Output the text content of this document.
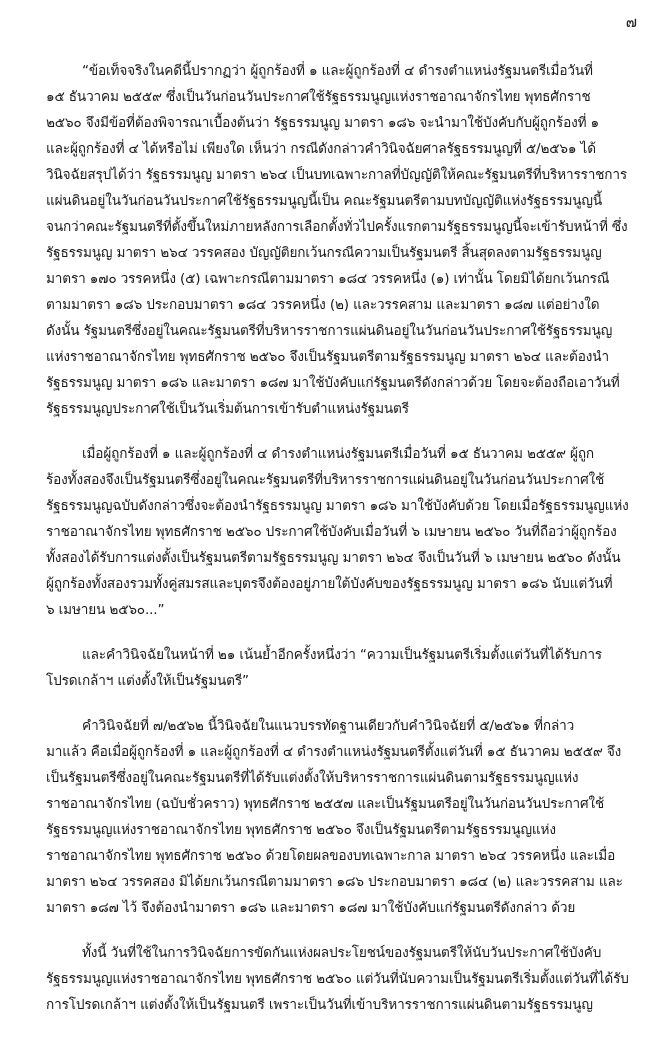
๗
“ข้อเท็จจริงในคดีนี้ปรากฏว่า ผู้ถูกร้องที่ ๑ และผู้ถูกร้องที่ ๔ ดำรงตำแหน่งรัฐมนตรีเมื่อวันที่
๑๕ ธันวาคม ๒๕๕๙ ซึ่งเป็นวันก่อนวันประกาศใช้รัฐธรรมนูญแห่งราชอาณาจักรไทย พุทธศักราช
๒๕๖๐ จึงมีข้อที่ต้องพิจารณาเบื้องต้นว่า รัฐธรรมนูญ มาตรา ๑๘๖ จะนำมาใช้บังคับกับผู้ถูกร้องที่ ๑
และผู้ถูกร้องที่ ๔ ได้หรือไม่ เพียงใด เห็นว่า กรณีดังกล่าวคำวินิจฉัยศาลรัฐธรรมนูญที่ ๕/๒๕๖๑ ได้
วินิจฉัยสรุปได้ว่า รัฐธรรมนูญ มาตรา ๒๖๔ เป็นบทเฉพาะกาลที่บัญญัติให้คณะรัฐมนตรีที่บริหารราชการ
แผ่นดินอยู่ในวันก่อนวันประกาศใช้รัฐธรรมนูญนี้เป็น คณะรัฐมนตรีตามบทบัญญัติแห่งรัฐธรรมนูญนี้
จนกว่าคณะรัฐมนตรีที่ตั้งขึ้นใหม่ภายหลังการเลือกตั้งทั่วไปครั้งแรกตามรัฐธรรมนูญนี้จะเข้ารับหน้าที่ ซึ่ง
รัฐธรรมนูญ มาตรา ๒๖๔ วรรคสอง บัญญัติยกเว้นกรณีความเป็นรัฐมนตรี สิ้นสุดลงตามรัฐธรรมนูญ
มาตรา ๑๗๐ วรรคหนึ่ง (๕) เฉพาะกรณีตามมาตรา ๑๘๔ วรรคหนึ่ง (๑) เท่านั้น โดยมิได้ยกเว้นกรณี
ตามมาตรา ๑๘๖ ประกอบมาตรา ๑๘๔ วรรคหนึ่ง (๒) และวรรคสาม และมาตรา ๑๘๗ แต่อย่างใด
ดังนั้น รัฐมนตรีซึ่งอยู่ในคณะรัฐมนตรีที่บริหารราชการแผ่นดินอยู่ในวันก่อนวันประกาศใช้รัฐธรรมนูญ
แห่งราชอาณาจักรไทย พุทธศักราช ๒๕๖๐ จึงเป็นรัฐมนตรีตามรัฐธรรมนูญ มาตรา ๒๖๔ และต้องนำ
รัฐธรรมนูญ มาตรา ๑๘๖ และมาตรา ๑๘๗ มาใช้บังคับแก่รัฐมนตรีดังกล่าวด้วย โดยจะต้องถือเอาวันที่
รัฐธรรมนูญประกาศใช้เป็นวันเริ่มต้นการเข้ารับตำแหน่งรัฐมนตรี
เมื่อผู้ถูกร้องที่ ๑ และผู้ถูกร้องที่ ๔ ดำรงตำแหน่งรัฐมนตรีเมื่อวันที่ ๑๕ ธันวาคม ๒๕๕๙ ผู้ถูก
ร้องทั้งสองจึงเป็นรัฐมนตรีซึ่งอยู่ในคณะรัฐมนตรีที่บริหารราชการแผ่นดินอยู่ในวันก่อนวันประกาศใช้
รัฐธรรมนูญฉบับดังกล่าวซึ่งจะต้องนำรัฐธรรมนูญ มาตรา ๑๘๖ มาใช้บังคับด้วย โดยเมื่อรัฐธรรมนูญแห่ง
ราชอาณาจักรไทย พุทธศักราช ๒๕๖๐ ประกาศใช้บังคับเมื่อวันที่ ๖ เมษายน ๒๕๖๐ วันที่ถือว่าผู้ถูกร้อง
ทั้งสองได้รับการแต่งตั้งเป็นรัฐมนตรีตามรัฐธรรมนูญ มาตรา ๒๖๔ จึงเป็นวันที่ ๖ เมษายน ๒๕๖๐ ดังนั้น
ผู้ถูกร้องทั้งสองรวมทั้งคู่สมรสและบุตรจึงต้องอยู่ภายใต้บังคับของรัฐธรรมนูญ มาตรา ๑๘๖ นับแต่วันที่
๖ เมษายน ๒๕๖๐...”
และคำวินิจฉัยในหน้าที่ ๒๑ เน้นย้ำอีกครั้งหนึ่งว่า “ความเป็นรัฐมนตรีเริ่มตั้งแต่วันที่ได้รับการ
โปรดเกล้าฯ แต่งตั้งให้เป็นรัฐมนตรี”
คำวินิจฉัยที่ ๗/๒๕๖๒ นี้วินิจฉัยในแนวบรรทัดฐานเดียวกับคำวินิจฉัยที่ ๕/๒๕๖๑ ที่กล่าว
มาแล้ว คือเมื่อผู้ถูกร้องที่ ๑ และผู้ถูกร้องที่ ๔ ดำรงตำแหน่งรัฐมนตรีตั้งแต่วันที่ ๑๕ ธันวาคม ๒๕๕๙ จึง
เป็นรัฐมนตรีซึ่งอยู่ในคณะรัฐมนตรีที่ได้รับแต่งตั้งให้บริหารราชการแผ่นดินตามรัฐธรรมนูญแห่ง
ราชอาณาจักรไทย (ฉบับชั่วคราว) พุทธศักราช ๒๕๕๗ และเป็นรัฐมนตรีอยู่ในวันก่อนวันประกาศใช้
รัฐธรรมนูญแห่งราชอาณาจักรไทย พุทธศักราช ๒๕๖๐ จึงเป็นรัฐมนตรีตามรัฐธรรมนูญแห่ง
ราชอาณาจักรไทย พุทธศักราช ๒๕๖๐ ด้วยโดยผลของบทเฉพาะกาล มาตรา ๒๖๔ วรรคหนึ่ง และเมื่อ
มาตรา ๒๖๔ วรรคสอง มิได้ยกเว้นกรณีตามมาตรา ๑๘๖ ประกอบมาตรา ๑๘๔ (๒) และวรรคสาม และ
มาตรา ๑๘๗ ไว้ จึงต้องนำมาตรา ๑๘๖ และมาตรา ๑๘๗ มาใช้บังคับแก่รัฐมนตรีดังกล่าว ด้วย
ทั้งนี้ วันที่ใช้ในการวินิจฉัยการขัดกันแห่งผลประโยชน์ของรัฐมนตรีให้นับวันประกาศใช้บังคับ
รัฐธรรมนูญแห่งราชอาณาจักรไทย พุทธศักราช ๒๕๖๐ แต่วันที่นับความเป็นรัฐมนตรีเริ่มตั้งแต่วันที่ได้รับ
การโปรดเกล้าฯ แต่งตั้งให้เป็นรัฐมนตรี เพราะเป็นวันที่เข้าบริหารราชการแผ่นดินตามรัฐธรรมนูญ
